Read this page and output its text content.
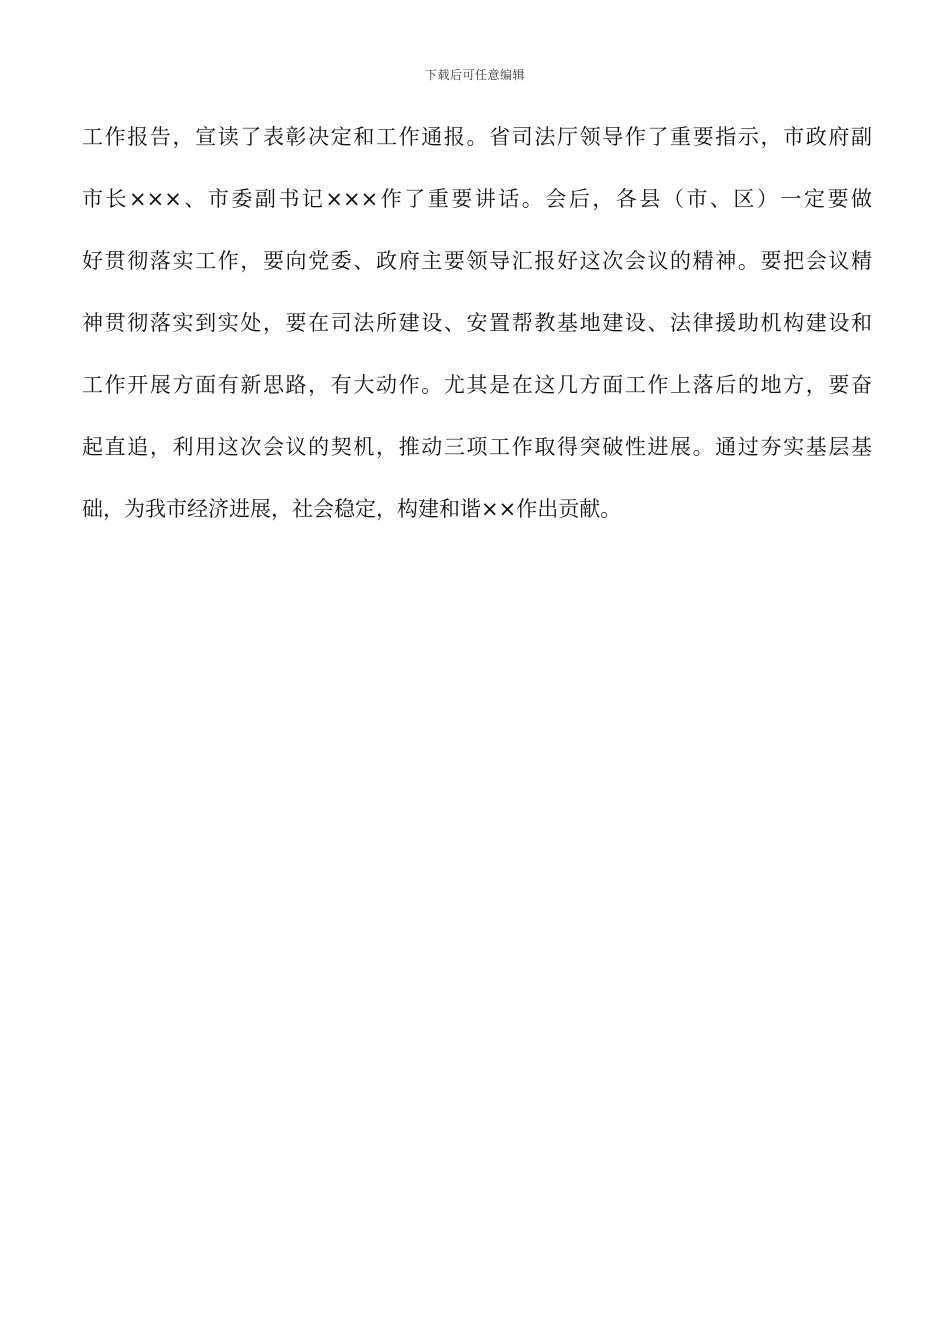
下载后可任意编辑
工作报告，宣读了表彰决定和工作通报。省司法厅领导作了重要指示，市政府副
市长×××、市委副书记×××作了重要讲话。会后，各县（市、区）一定要做
好贯彻落实工作，要向党委、政府主要领导汇报好这次会议的精神。要把会议精
神贯彻落实到实处，要在司法所建设、安置帮教基地建设、法律援助机构建设和
工作开展方面有新思路，有大动作。尤其是在这几方面工作上落后的地方，要奋
起直追，利用这次会议的契机，推动三项工作取得突破性进展。通过夯实基层基
础，为我市经济进展，社会稳定，构建和谐××作出贡献。
